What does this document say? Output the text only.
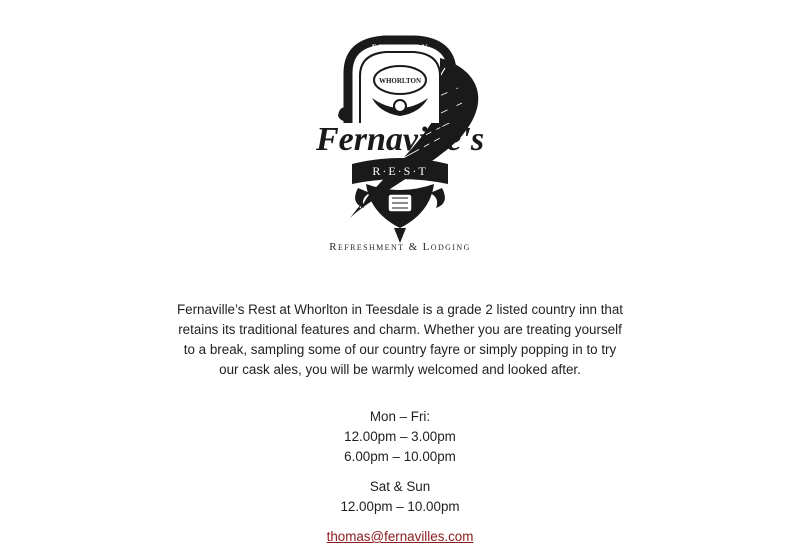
RECEPTION
WHORLTON
Fernaville's
R·E·S·T
Refreshment & Lodging

Fernaville’s Rest at Whorlton in Teesdale is a grade 2 listed country inn that retains its traditional features and charm. Whether you are treating yourself to a break, sampling some of our country fayre or simply popping in to try our cask ales, you will be warmly welcomed and looked after.

Mon – Fri:
12.00pm – 3.00pm
6.00pm – 10.00pm
Sat & Sun
12.00pm – 10.00pm
thomas@fernavilles.com
